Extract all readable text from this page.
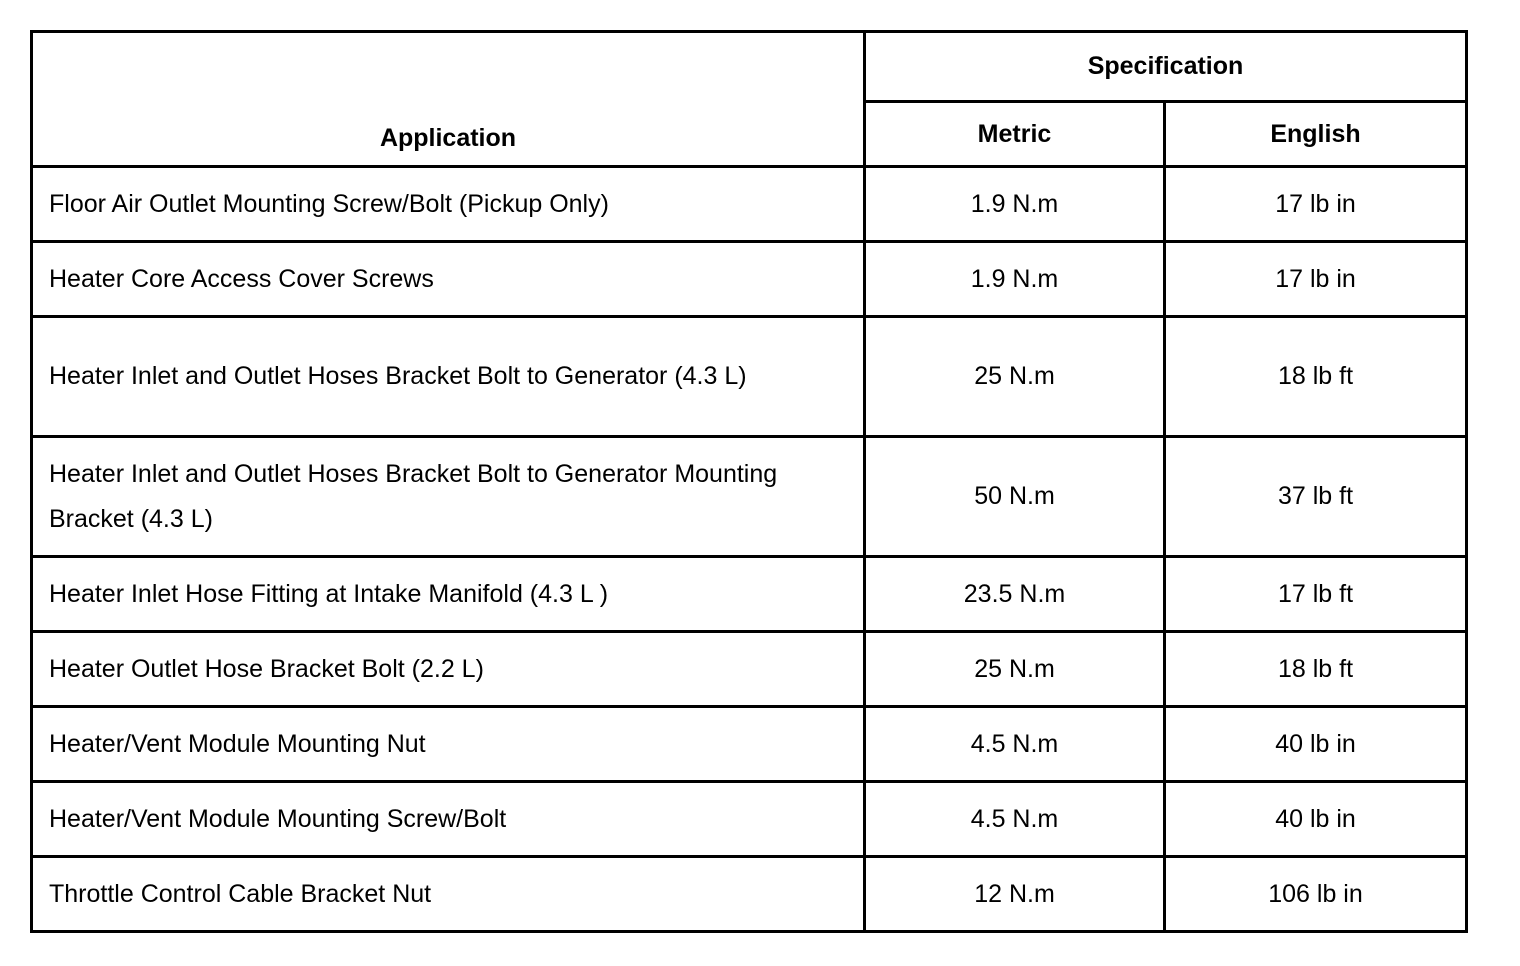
Application	Specification	
	Metric	English
Floor Air Outlet Mounting Screw/Bolt (Pickup Only)	1.9 N.m	17 lb in
Heater Core Access Cover Screws	1.9 N.m	17 lb in
Heater Inlet and Outlet Hoses Bracket Bolt to Generator (4.3 L)	25 N.m	18 lb ft
Heater Inlet and Outlet Hoses Bracket Bolt to Generator Mounting Bracket (4.3 L)	50 N.m	37 lb ft
Heater Inlet Hose Fitting at Intake Manifold (4.3 L )	23.5 N.m	17 lb ft
Heater Outlet Hose Bracket Bolt (2.2 L)	25 N.m	18 lb ft
Heater/Vent Module Mounting Nut	4.5 N.m	40 lb in
Heater/Vent Module Mounting Screw/Bolt	4.5 N.m	40 lb in
Throttle Control Cable Bracket Nut	12 N.m	106 lb in
